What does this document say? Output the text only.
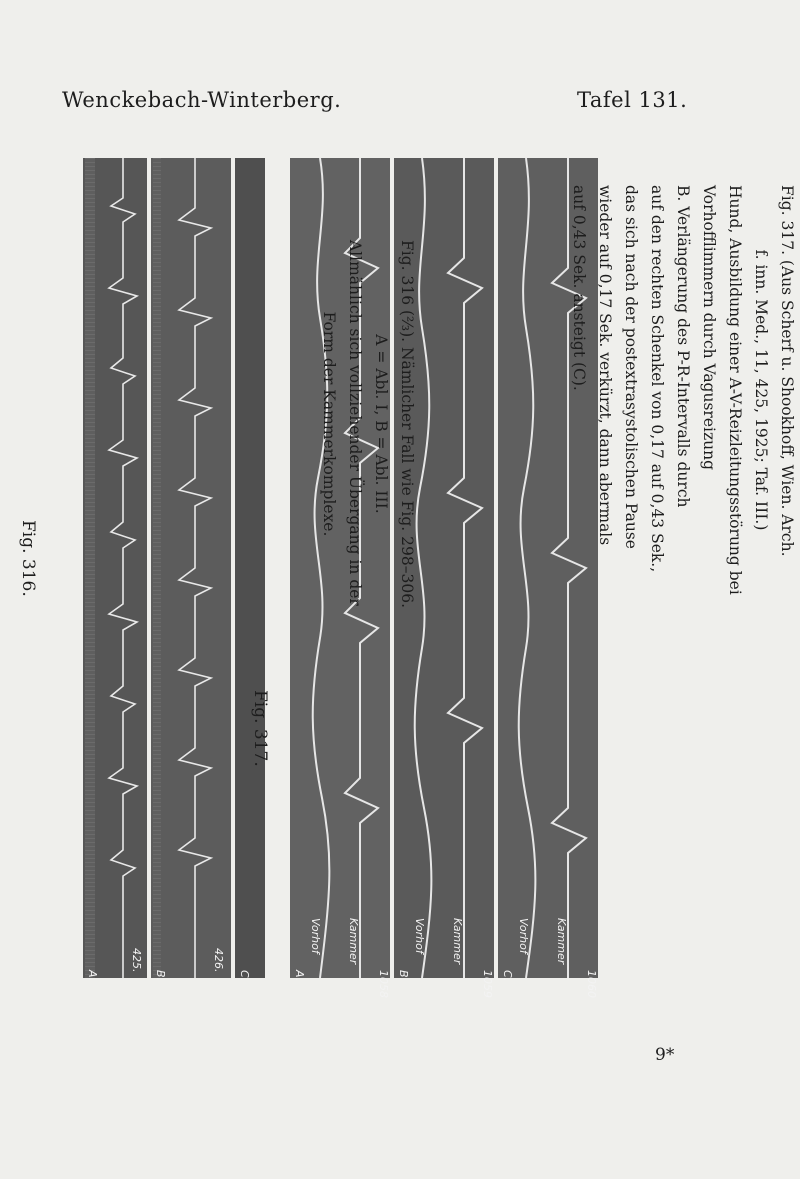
Wenckebach-Winterberg.	Tafel 131.
Fig. 316.
A.	B.	C.
425.	426.
Fig. 317.
A.
Vorhof Kammer
1058 B.
Vorhof Kammer
1059 C.
Vorhof Kammer
1060
Fig. 316 (⅔). Nämlicher Fall wie Fig. 298–306.
A = Abl. I, B = Abl. III.
Allmählich sich vollziehender Übergang in der
Form der Kammerkomplexe.	Fig. 317. (Aus Scherf u. Shookhoff, Wien. Arch.
f. inn. Med., 11, 425, 1925; Taf. III.)
Hund, Ausbildung einer A-V-Reizleitungsstörung bei
Vorhofflimmern durch Vagusreizung
B. Verlängerung des P-R-Intervalls durch
auf den rechten Schenkel von 0,17 auf 0,43 Sek.,
das sich nach der postextrasystolischen Pause
wieder auf 0,17 Sek. verkürzt, dann abermals
auf 0,43 Sek. ansteigt (C).
9*
